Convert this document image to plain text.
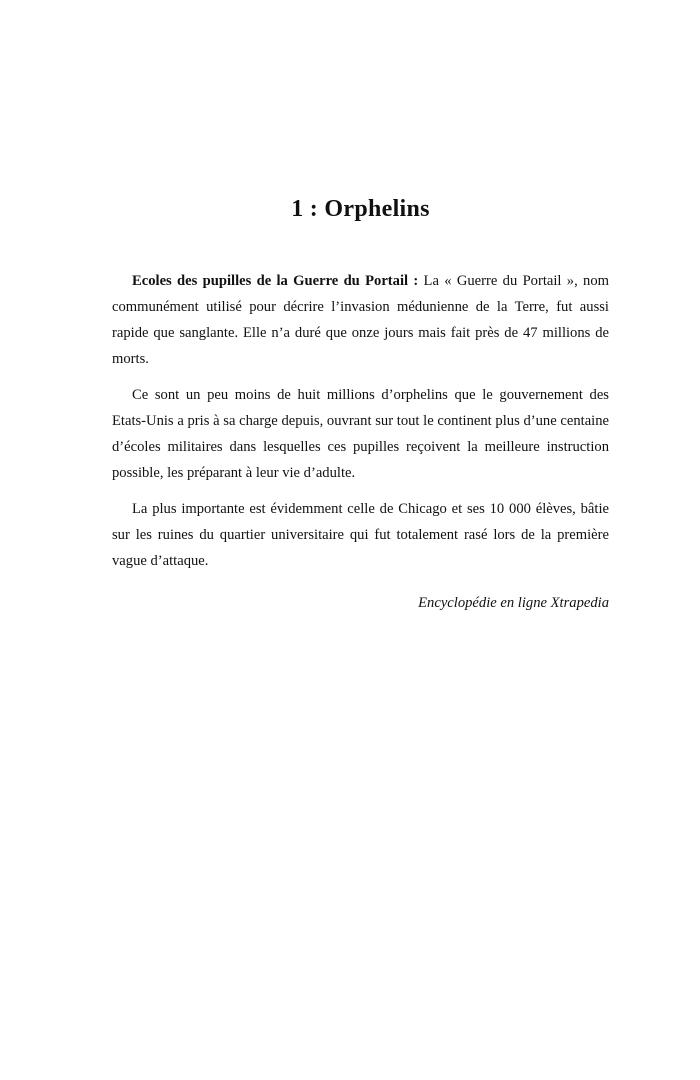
1 : Orphelins

Ecoles des pupilles de la Guerre du Portail : La « Guerre du Portail », nom communément utilisé pour décrire l’invasion médunienne de la Terre, fut aussi rapide que sanglante. Elle n’a duré que onze jours mais fait près de 47 millions de morts.

Ce sont un peu moins de huit millions d’orphelins que le gouvernement des Etats-Unis a pris à sa charge depuis, ouvrant sur tout le continent plus d’une centaine d’écoles militaires dans lesquelles ces pupilles reçoivent la meilleure instruction possible, les préparant à leur vie d’adulte.

La plus importante est évidemment celle de Chicago et ses 10 000 élèves, bâtie sur les ruines du quartier universitaire qui fut totalement rasé lors de la première vague d’attaque.

Encyclopédie en ligne Xtrapedia
